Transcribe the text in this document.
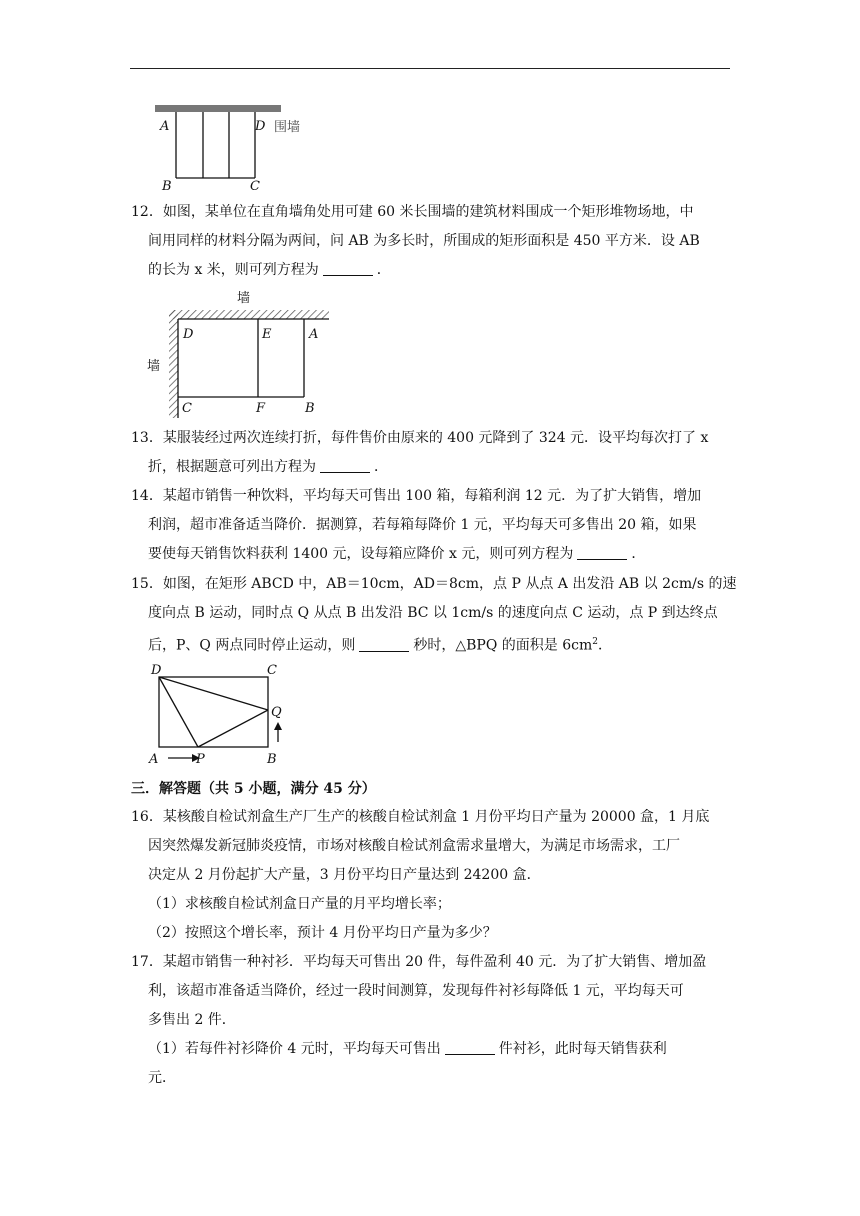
A	D 围墙
B	C
12．如图，某单位在直角墙角处用可建 60 米长围墙的建筑材料围成一个矩形堆物场地，中
间用同样的材料分隔为两间，问 AB 为多长时，所围成的矩形面积是 450 平方米．设 AB
的长为 x 米，则可列方程为	．
墙
墙
D	E	A
C	F	B
13．某服装经过两次连续打折，每件售价由原来的 400 元降到了 324 元．设平均每次打了 x
折，根据题意可列出方程为	．
14．某超市销售一种饮料，平均每天可售出 100 箱，每箱利润 12 元．为了扩大销售，增加
利润，超市准备适当降价．据测算，若每箱每降价 1 元，平均每天可多售出 20 箱，如果
要使每天销售饮料获利 1400 元，设每箱应降价 x 元，则可列方程为	．
15．如图，在矩形 ABCD 中，AB＝10cm，AD＝8cm，点 P 从点 A 出发沿 AB 以 2cm/s 的速
度向点 B 运动，同时点 Q 从点 B 出发沿 BC 以 1cm/s 的速度向点 C 运动，点 P 到达终点
后，P、Q 两点同时停止运动，则	秒时，△BPQ 的面积是 $6cm^2$．
D	C
Q
A	P	B
三．解答题（共 5 小题，满分 45 分）
16．某核酸自检试剂盒生产厂生产的核酸自检试剂盒 1 月份平均日产量为 20000 盒，1 月底
因突然爆发新冠肺炎疫情，市场对核酸自检试剂盒需求量增大，为满足市场需求，工厂
决定从 2 月份起扩大产量，3 月份平均日产量达到 24200 盒．
（1）求核酸自检试剂盒日产量的月平均增长率；
（2）按照这个增长率，预计 4 月份平均日产量为多少？
17．某超市销售一种衬衫．平均每天可售出 20 件，每件盈利 40 元．为了扩大销售、增加盈
利，该超市准备适当降价，经过一段时间测算，发现每件衬衫每降低 1 元，平均每天可
多售出 2 件．
（1）若每件衬衫降价 4 元时，平均每天可售出	件衬衫，此时每天销售获利
元．
